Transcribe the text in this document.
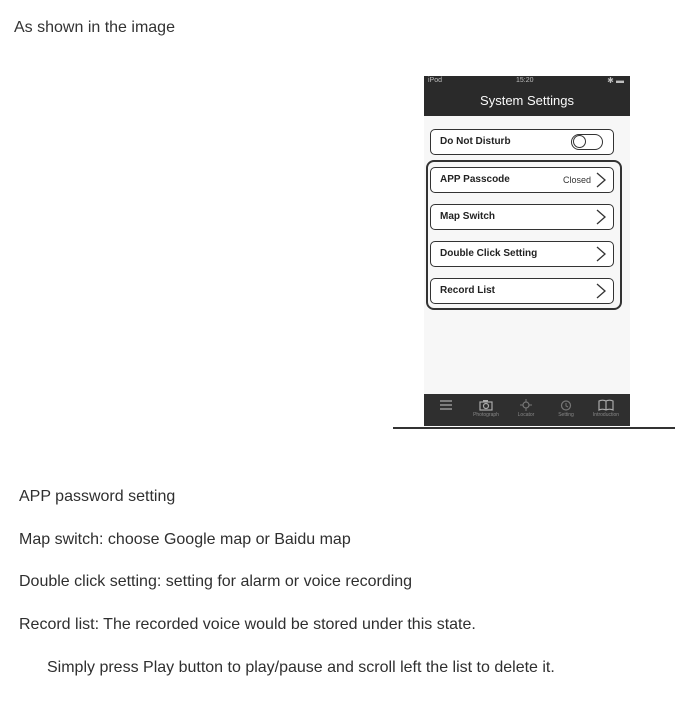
As shown in the image
iPod	15:20	✱ ▬
System Settings
Do Not Disturb
APP Passcode	Closed
Map Switch
Double Click Setting
Record List
Photograph	Locator	Setting	Introduction
APP password setting
Map switch: choose Google map or Baidu map
Double click setting: setting for alarm or voice recording
Record list: The recorded voice would be stored under this state.
Simply press Play button to play/pause and scroll left the list to delete it.
